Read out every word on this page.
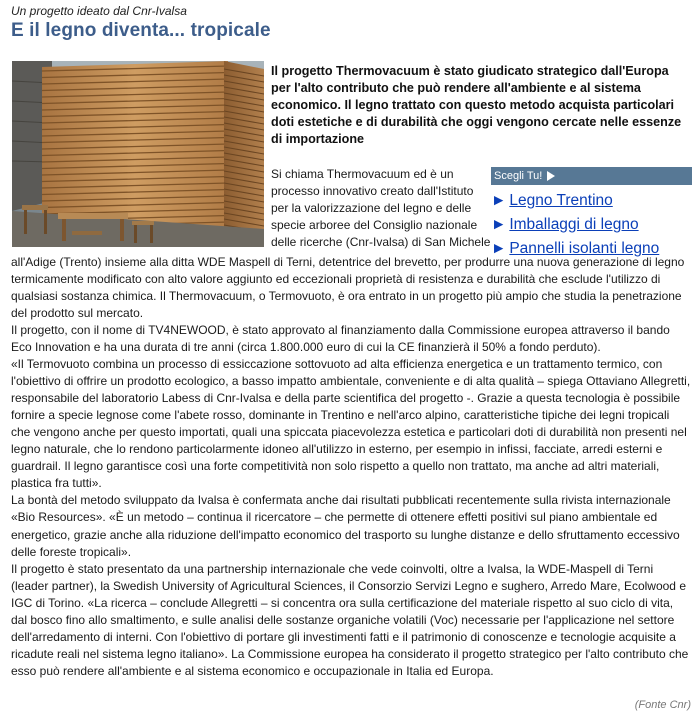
Un progetto ideato dal Cnr-Ivalsa

E il legno diventa... tropicale

Il progetto Thermovacuum è stato giudicato strategico dall'Europa per l'alto contributo che può rendere all'ambiente e al sistema economico. Il legno trattato con questo metodo acquista particolari doti estetiche e di durabilità che oggi vengono cercate nelle essenze di importazione

Si chiama Thermovacuum ed è un processo innovativo creato dall'Istituto per la valorizzazione del legno e delle specie arboree del Consiglio nazionale delle ricerche (Cnr-Ivalsa) di San Michele

Scegli Tu!
► Legno Trentino
► Imballaggi di legno
► Pannelli isolanti legno

all'Adige (Trento) insieme alla ditta WDE Maspell di Terni, detentrice del brevetto, per produrre una nuova generazione di legno termicamente modificato con alto valore aggiunto ed eccezionali proprietà di resistenza e durabilità che esclude l'utilizzo di qualsiasi sostanza chimica. Il Thermovacuum, o Termovuoto, è ora entrato in un progetto più ampio che studia la penetrazione del prodotto sul mercato.

Il progetto, con il nome di TV4NEWOOD, è stato approvato al finanziamento dalla Commissione europea attraverso il bando Eco Innovation e ha una durata di tre anni (circa 1.800.000 euro di cui la CE finanzierà il 50% a fondo perduto).

«Il Termovuoto combina un processo di essiccazione sottovuoto ad alta efficienza energetica e un trattamento termico, con l'obiettivo di offrire un prodotto ecologico, a basso impatto ambientale, conveniente e di alta qualità – spiega Ottaviano Allegretti, responsabile del laboratorio Labess di Cnr-Ivalsa e della parte scientifica del progetto -. Grazie a questa tecnologia è possibile fornire a specie legnose come l'abete rosso, dominante in Trentino e nell'arco alpino, caratteristiche tipiche dei legni tropicali che vengono anche per questo importati, quali una spiccata piacevolezza estetica e particolari doti di durabilità non presenti nel legno naturale, che lo rendono particolarmente idoneo all'utilizzo in esterno, per esempio in infissi, facciate, arredi esterni e guardrail. Il legno garantisce così una forte competitività non solo rispetto a quello non trattato, ma anche ad altri materiali, plastica fra tutti».

La bontà del metodo sviluppato da Ivalsa è confermata anche dai risultati pubblicati recentemente sulla rivista internazionale «Bio Resources». «È un metodo – continua il ricercatore – che permette di ottenere effetti positivi sul piano ambientale ed energetico, grazie anche alla riduzione dell'impatto economico del trasporto su lunghe distanze e dello sfruttamento eccessivo delle foreste tropicali».

Il progetto è stato presentato da una partnership internazionale che vede coinvolti, oltre a Ivalsa, la WDE-Maspell di Terni (leader partner), la Swedish University of Agricultural Sciences, il Consorzio Servizi Legno e sughero, Arredo Mare, Ecolwood e IGC di Torino. «La ricerca – conclude Allegretti – si concentra ora sulla certificazione del materiale rispetto al suo ciclo di vita, dal bosco fino allo smaltimento, e sulle analisi delle sostanze organiche volatili (Voc) necessarie per l'applicazione nel settore dell'arredamento di interni. Con l'obiettivo di portare gli investimenti fatti e il patrimonio di conoscenze e tecnologie acquisite a ricadute reali nel sistema legno italiano». La Commissione europea ha considerato il progetto strategico per l'alto contributo che esso può rendere all'ambiente e al sistema economico e occupazionale in Italia ed Europa.

(Fonte Cnr)
